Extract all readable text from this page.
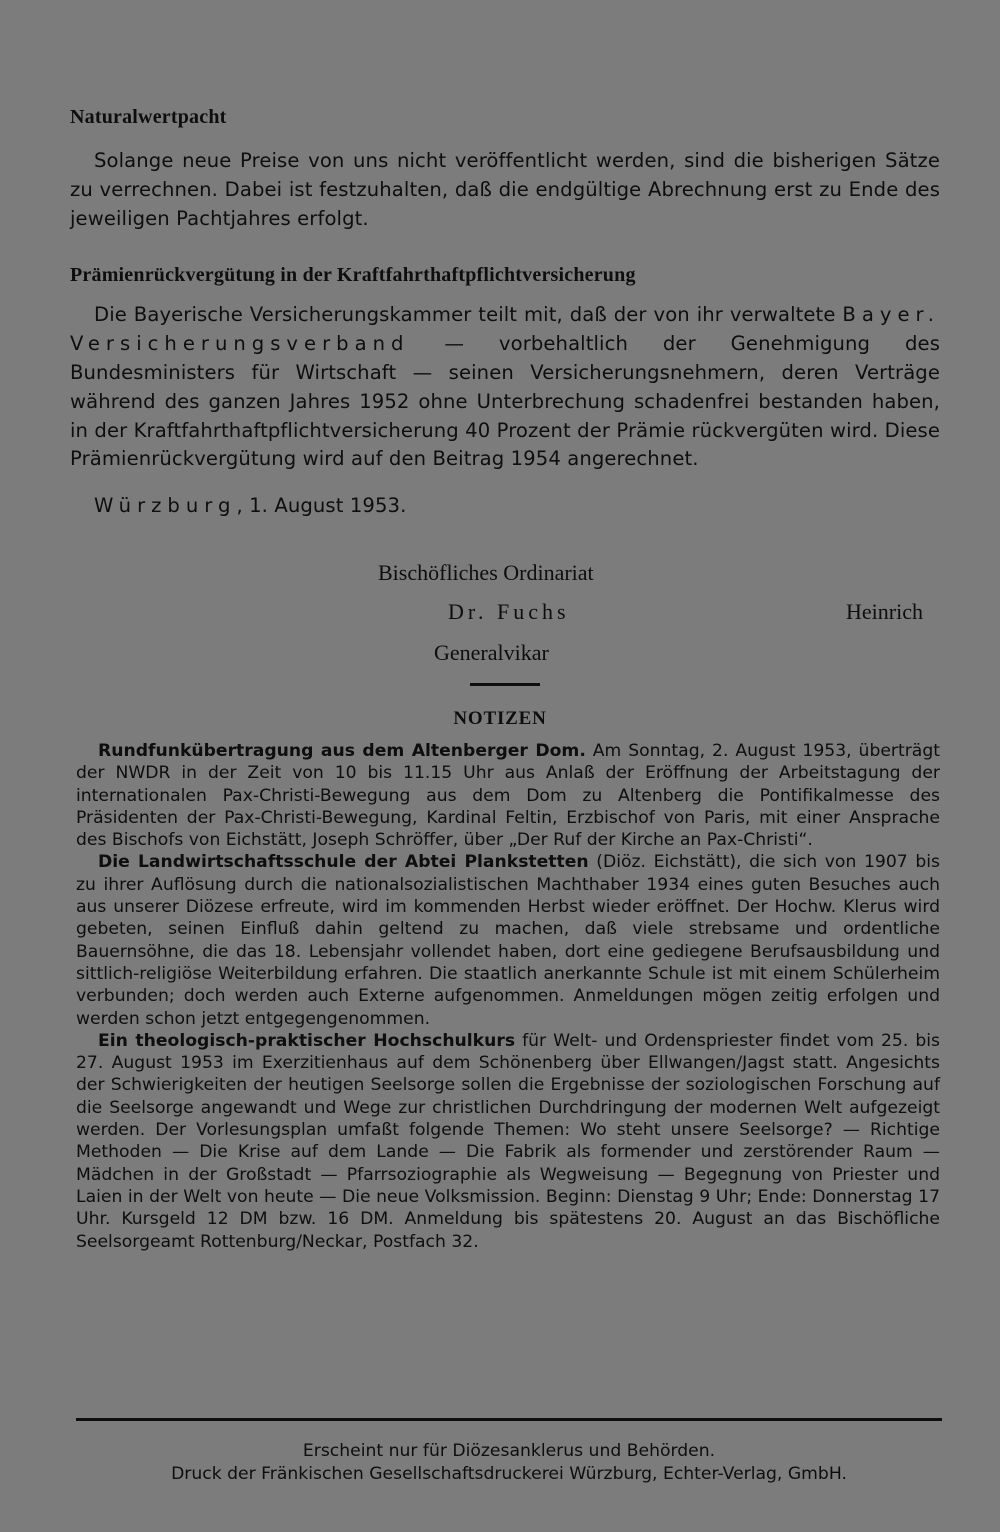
Naturalwertpacht

Solange neue Preise von uns nicht veröffentlicht werden, sind die bisherigen Sätze zu verrechnen. Dabei ist festzuhalten, daß die endgültige Abrechnung erst zu Ende des jeweiligen Pachtjahres erfolgt.

Prämienrückvergütung in der Kraftfahrthaftpflichtversicherung

Die Bayerische Versicherungskammer teilt mit, daß der von ihr verwaltete Bayer. Versicherungsverband — vorbehaltlich der Genehmigung des Bundesministers für Wirtschaft — seinen Versicherungsnehmern, deren Verträge während des ganzen Jahres 1952 ohne Unterbrechung schadenfrei bestanden haben, in der Kraftfahrthaftpflichtversicherung 40 Prozent der Prämie rückvergüten wird. Diese Prämienrückvergütung wird auf den Beitrag 1954 angerechnet.

Würzburg, 1. August 1953.

Bischöfliches Ordinariat
Dr. Fuchs	Heinrich
Generalvikar
NOTIZEN

Rundfunkübertragung aus dem Altenberger Dom. Am Sonntag, 2. August 1953, überträgt der NWDR in der Zeit von 10 bis 11.15 Uhr aus Anlaß der Eröffnung der Arbeitstagung der internationalen Pax-Christi-Bewegung aus dem Dom zu Altenberg die Pontifikalmesse des Präsidenten der Pax-Christi-Bewegung, Kardinal Feltin, Erzbischof von Paris, mit einer Ansprache des Bischofs von Eichstätt, Joseph Schröffer, über „Der Ruf der Kirche an Pax-Christi“.

Die Landwirtschaftsschule der Abtei Plankstetten (Diöz. Eichstätt), die sich von 1907 bis zu ihrer Auflösung durch die nationalsozialistischen Machthaber 1934 eines guten Besuches auch aus unserer Diözese erfreute, wird im kommenden Herbst wieder eröffnet. Der Hochw. Klerus wird gebeten, seinen Einfluß dahin geltend zu machen, daß viele strebsame und ordentliche Bauernsöhne, die das 18. Lebensjahr vollendet haben, dort eine gediegene Berufsausbildung und sittlich-religiöse Weiterbildung erfahren. Die staatlich anerkannte Schule ist mit einem Schülerheim verbunden; doch werden auch Externe aufgenommen. Anmeldungen mögen zeitig erfolgen und werden schon jetzt entgegengenommen.

Ein theologisch-praktischer Hochschulkurs für Welt- und Ordenspriester findet vom 25. bis 27. August 1953 im Exerzitienhaus auf dem Schönenberg über Ellwangen/Jagst statt. Angesichts der Schwierigkeiten der heutigen Seelsorge sollen die Ergebnisse der soziologischen Forschung auf die Seelsorge angewandt und Wege zur christlichen Durchdringung der modernen Welt aufgezeigt werden. Der Vorlesungsplan umfaßt folgende Themen: Wo steht unsere Seelsorge? — Richtige Methoden — Die Krise auf dem Lande — Die Fabrik als formender und zerstörender Raum — Mädchen in der Großstadt — Pfarrsoziographie als Wegweisung — Begegnung von Priester und Laien in der Welt von heute — Die neue Volksmission. Beginn: Dienstag 9 Uhr; Ende: Donnerstag 17 Uhr. Kursgeld 12 DM bzw. 16 DM. Anmeldung bis spätestens 20. August an das Bischöfliche Seelsorgeamt Rottenburg/Neckar, Postfach 32.

Erscheint nur für Diözesanklerus und Behörden.
Druck der Fränkischen Gesellschaftsdruckerei Würzburg, Echter-Verlag, GmbH.
